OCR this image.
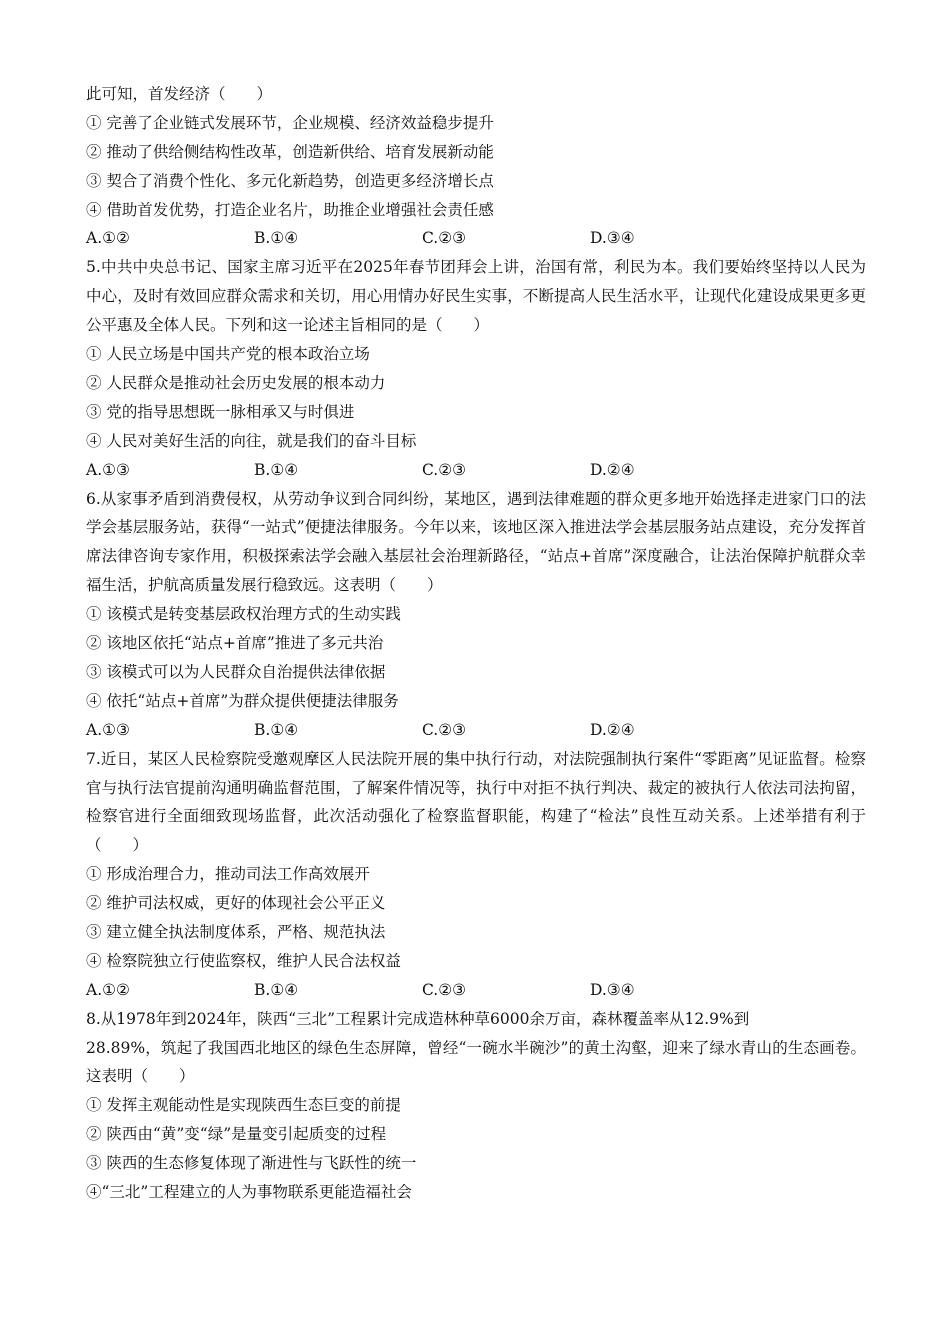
此可知，首发经济（　　）
① 完善了企业链式发展环节，企业规模、经济效益稳步提升
② 推动了供给侧结构性改革，创造新供给、培育发展新动能
③ 契合了消费个性化、多元化新趋势，创造更多经济增长点
④ 借助首发优势，打造企业名片，助推企业增强社会责任感
A.①②	B.①④	C.②③	D.③④
5.中共中央总书记、国家主席习近平在2025年春节团拜会上讲，治国有常，利民为本。我们要始终坚持以人民为中心，及时有效回应群众需求和关切，用心用情办好民生实事，不断提高人民生活水平，让现代化建设成果更多更公平惠及全体人民。下列和这一论述主旨相同的是（　　）
① 人民立场是中国共产党的根本政治立场
② 人民群众是推动社会历史发展的根本动力
③ 党的指导思想既一脉相承又与时俱进
④ 人民对美好生活的向往，就是我们的奋斗目标
A.①③	B.①④	C.②③	D.②④
6.从家事矛盾到消费侵权，从劳动争议到合同纠纷，某地区，遇到法律难题的群众更多地开始选择走进家门口的法学会基层服务站，获得“一站式”便捷法律服务。今年以来，该地区深入推进法学会基层服务站点建设，充分发挥首席法律咨询专家作用，积极探索法学会融入基层社会治理新路径，“站点+首席”深度融合，让法治保障护航群众幸福生活，护航高质量发展行稳致远。这表明（　　）
① 该模式是转变基层政权治理方式的生动实践
② 该地区依托“站点+首席”推进了多元共治
③ 该模式可以为人民群众自治提供法律依据
④ 依托“站点+首席”为群众提供便捷法律服务
A.①③	B.①④	C.②③	D.②④
7.近日，某区人民检察院受邀观摩区人民法院开展的集中执行行动，对法院强制执行案件“零距离”见证监督。检察官与执行法官提前沟通明确监督范围，了解案件情况等，执行中对拒不执行判决、裁定的被执行人依法司法拘留，检察官进行全面细致现场监督，此次活动强化了检察监督职能，构建了“检法”良性互动关系。上述举措有利于（　　）
① 形成治理合力，推动司法工作高效展开
② 维护司法权威，更好的体现社会公平正义
③ 建立健全执法制度体系，严格、规范执法
④ 检察院独立行使监察权，维护人民合法权益
A.①②	B.①④	C.②③	D.③④
8.从1978年到2024年，陕西“三北”工程累计完成造林种草6000余万亩，森林覆盖率从12.9%到
28.89%，筑起了我国西北地区的绿色生态屏障，曾经“一碗水半碗沙”的黄土沟壑，迎来了绿水青山的生态画卷。这表明（　　）
① 发挥主观能动性是实现陕西生态巨变的前提
② 陕西由“黄”变“绿”是量变引起质变的过程
③ 陕西的生态修复体现了渐进性与飞跃性的统一
④“三北”工程建立的人为事物联系更能造福社会
